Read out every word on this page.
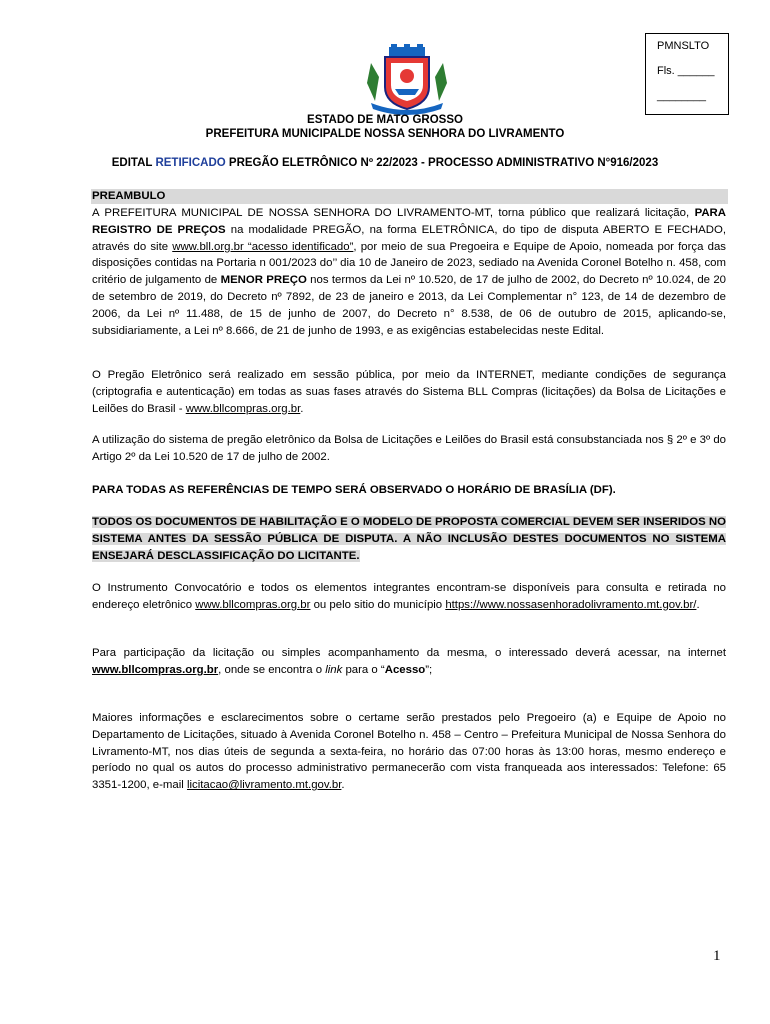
PMNSLTO
Fls. ______
________
ESTADO DE MATO GROSSO
PREFEITURA MUNICIPALDE NOSSA SENHORA DO LIVRAMENTO
EDITAL RETIFICADO PREGÃO ELETRÔNICO Nº 22/2023 - PROCESSO ADMINISTRATIVO N°916/2023
PREAMBULO
A PREFEITURA MUNICIPAL DE NOSSA SENHORA DO LIVRAMENTO-MT, torna público que realizará licitação, PARA REGISTRO DE PREÇOS na modalidade PREGÃO, na forma ELETRÔNICA, do tipo de disputa ABERTO E FECHADO, através do site www.bll.org.br “acesso identificado”, por meio de sua Pregoeira e Equipe de Apoio, nomeada por força das disposições contidas na Portaria n 001/2023 do’’ dia 10 de Janeiro de 2023, sediado na Avenida Coronel Botelho n. 458, com critério de julgamento de MENOR PREÇO nos termos da Lei nº 10.520, de 17 de julho de 2002, do Decreto nº 10.024, de 20 de setembro de 2019, do Decreto nº 7892, de 23 de janeiro e 2013, da Lei Complementar n° 123, de 14 de dezembro de 2006, da Lei nº 11.488, de 15 de junho de 2007, do Decreto n° 8.538, de 06 de outubro de 2015, aplicando-se, subsidiariamente, a Lei nº 8.666, de 21 de junho de 1993, e as exigências estabelecidas neste Edital.
O Pregão Eletrônico será realizado em sessão pública, por meio da INTERNET, mediante condições de segurança (criptografia e autenticação) em todas as suas fases através do Sistema BLL Compras (licitações) da Bolsa de Licitações e Leilões do Brasil - www.bllcompras.org.br.
A utilização do sistema de pregão eletrônico da Bolsa de Licitações e Leilões do Brasil está consubstanciada nos § 2º e 3º do Artigo 2º da Lei 10.520 de 17 de julho de 2002.
PARA TODAS AS REFERÊNCIAS DE TEMPO SERÁ OBSERVADO O HORÁRIO DE BRASÍLIA (DF).
TODOS OS DOCUMENTOS DE HABILITAÇÃO E O MODELO DE PROPOSTA COMERCIAL DEVEM SER INSERIDOS NO SISTEMA ANTES DA SESSÃO PÚBLICA DE DISPUTA. A NÃO INCLUSÃO DESTES DOCUMENTOS NO SISTEMA ENSEJARÁ DESCLASSIFICAÇÃO DO LICITANTE.
O Instrumento Convocatório e todos os elementos integrantes encontram-se disponíveis para consulta e retirada no endereço eletrônico www.bllcompras.org.br ou pelo sitio do município https://www.nossasenhoradolivramento.mt.gov.br/.
Para participação da licitação ou simples acompanhamento da mesma, o interessado deverá acessar, na internet www.bllcompras.org.br, onde se encontra o link para o “Acesso”;
Maiores informações e esclarecimentos sobre o certame serão prestados pelo Pregoeiro (a) e Equipe de Apoio no Departamento de Licitações, situado à Avenida Coronel Botelho n. 458 – Centro – Prefeitura Municipal de Nossa Senhora do Livramento-MT, nos dias úteis de segunda a sexta-feira, no horário das 07:00 horas às 13:00 horas, mesmo endereço e período no qual os autos do processo administrativo permanecerão com vista franqueada aos interessados: Telefone: 65 3351-1200, e-mail licitacao@livramento.mt.gov.br.
1
